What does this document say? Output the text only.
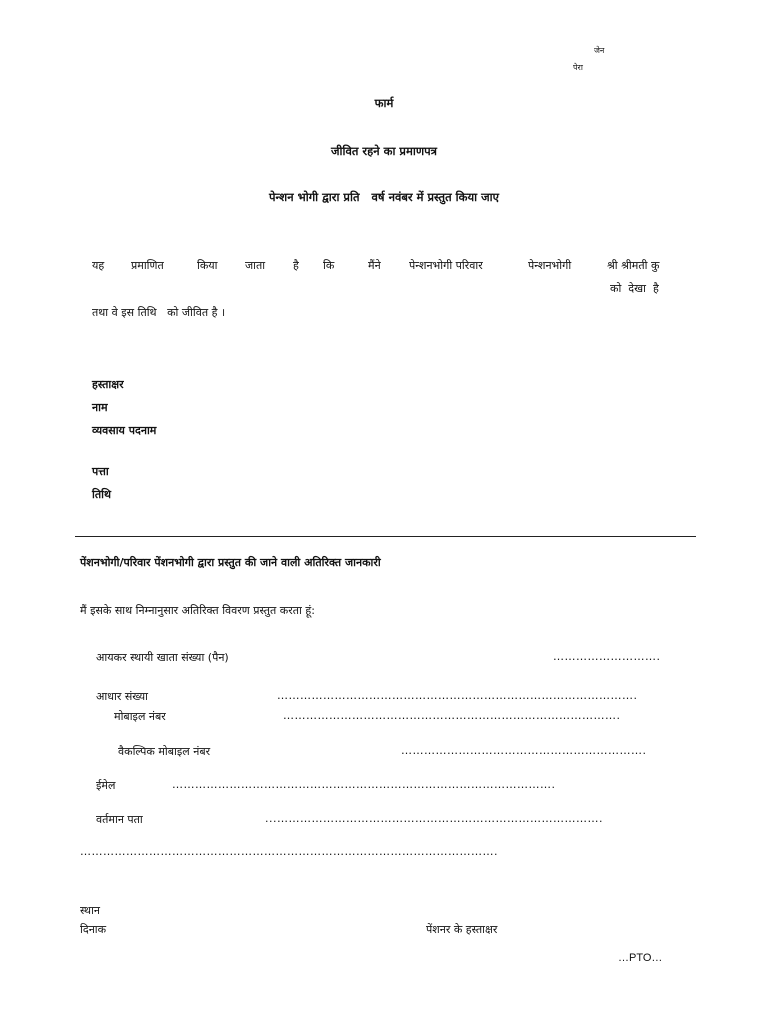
जेन
पेरा
फार्म
जीवित रहने का प्रमाणपत्र
पेन्शन भोगी द्वारा प्रति   वर्ष नवंबर में प्रस्तुत किया जाए
यह प्रमाणित	किया जाता	है कि	मैंने	पेन्शनभोगी परिवार	पेन्शनभोगी	श्री श्रीमती कु
को  देखा  है
तथा वे इस तिथि   को जीवित है ।
हस्ताक्षर
नाम
व्यवसाय पदनाम
पत्ता
तिथि
पेंशनभोगी/परिवार पेंशनभोगी द्वारा प्रस्तुत की जाने वाली अतिरिक्त जानकारी
मैं इसके साथ निम्नानुसार अतिरिक्त विवरण प्रस्तुत करता हूं:
आयकर स्थायी खाता संख्या (पैन)	……………………….
आधार संख्या	………………………………………………………………………………….
मोबाइल नंबर	…………………………………………………………………………….
वैकल्पिक मोबाइल नंबर	……………………………………………………….
ईमेल	……………………………………………………………………………………….
वर्तमान पता	...………………………………………………………………………….
……………………………………………………………………………………………….
स्थान
दिनाक	पेंशनर के हस्ताक्षर
…PTO…
